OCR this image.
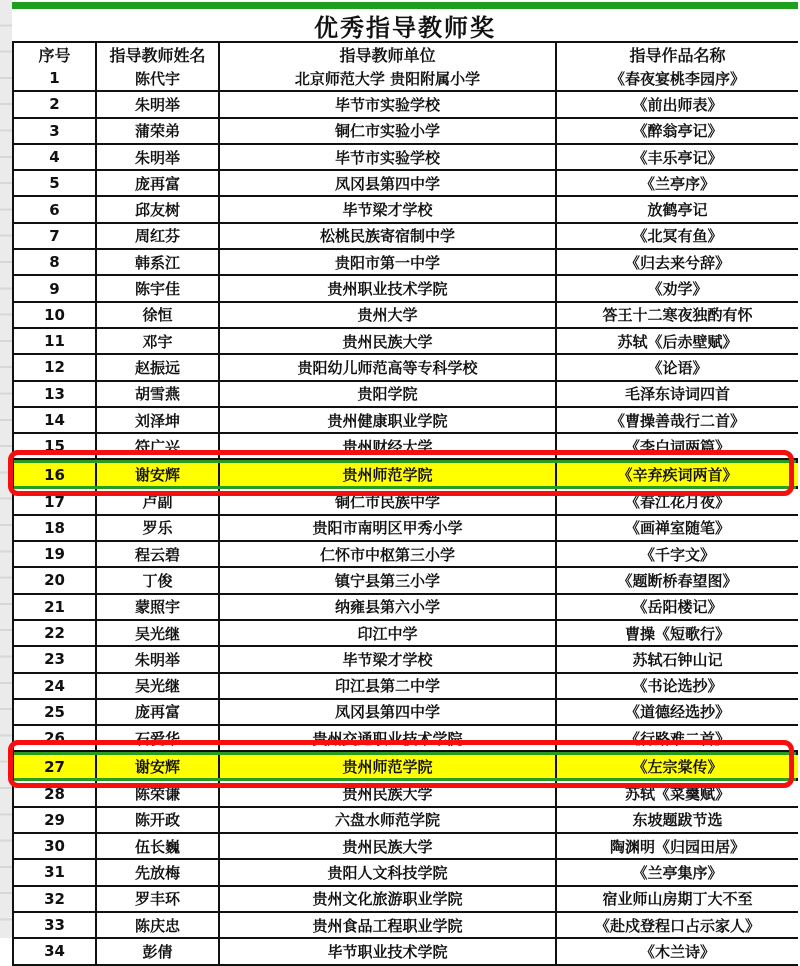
优秀指导教师奖
序号	指导教师姓名	指导教师单位	指导作品名称
1	陈代宇	北京师范大学 贵阳附属小学	《春夜宴桃李园序》
2	朱明举	毕节市实验学校	《前出师表》
3	蒲荣弟	铜仁市实验小学	《醉翁亭记》
4	朱明举	毕节市实验学校	《丰乐亭记》
5	庞再富	凤冈县第四中学	《兰亭序》
6	邱友树	毕节梁才学校	放鹤亭记
7	周红芬	松桃民族寄宿制中学	《北冥有鱼》
8	韩系江	贵阳市第一中学	《归去来兮辞》
9	陈宇佳	贵州职业技术学院	《劝学》
10	徐恒	贵州大学	答王十二寒夜独酌有怀
11	邓宇	贵州民族大学	苏轼《后赤壁赋》
12	赵振远	贵阳幼儿师范高等专科学校	《论语》
13	胡雪燕	贵阳学院	毛泽东诗词四首
14	刘泽坤	贵州健康职业学院	《曹操善哉行二首》
15	符广兴	贵州财经大学	《李白词两篇》
16	谢安辉	贵州师范学院	《辛弃疾词两首》
17	卢副	铜仁市民族中学	《春江花月夜》
18	罗乐	贵阳市南明区甲秀小学	《画禅室随笔》
19	程云碧	仁怀市中枢第三小学	《千字文》
20	丁俊	镇宁县第三小学	《题断桥春望图》
21	蒙照宇	纳雍县第六小学	《岳阳楼记》
22	吴光继	印江中学	曹操《短歌行》
23	朱明举	毕节梁才学校	苏轼石钟山记
24	吴光继	印江县第二中学	《书论选抄》
25	庞再富	凤冈县第四中学	《道德经选抄》
26	石爱华	贵州交通职业技术学院	《行路难二首》
27	谢安辉	贵州师范学院	《左宗棠传》
28	陈荣谦	贵州民族大学	苏轼《菜羹赋》
29	陈开政	六盘水师范学院	东坡题跋节选
30	伍长巍	贵州民族大学	陶渊明《归园田居》
31	先放梅	贵阳人文科技学院	《兰亭集序》
32	罗丰环	贵州文化旅游职业学院	宿业师山房期丁大不至
33	陈庆忠	贵州食品工程职业学院	《赴戍登程口占示家人》
34	彭倩	毕节职业技术学院	《木兰诗》
